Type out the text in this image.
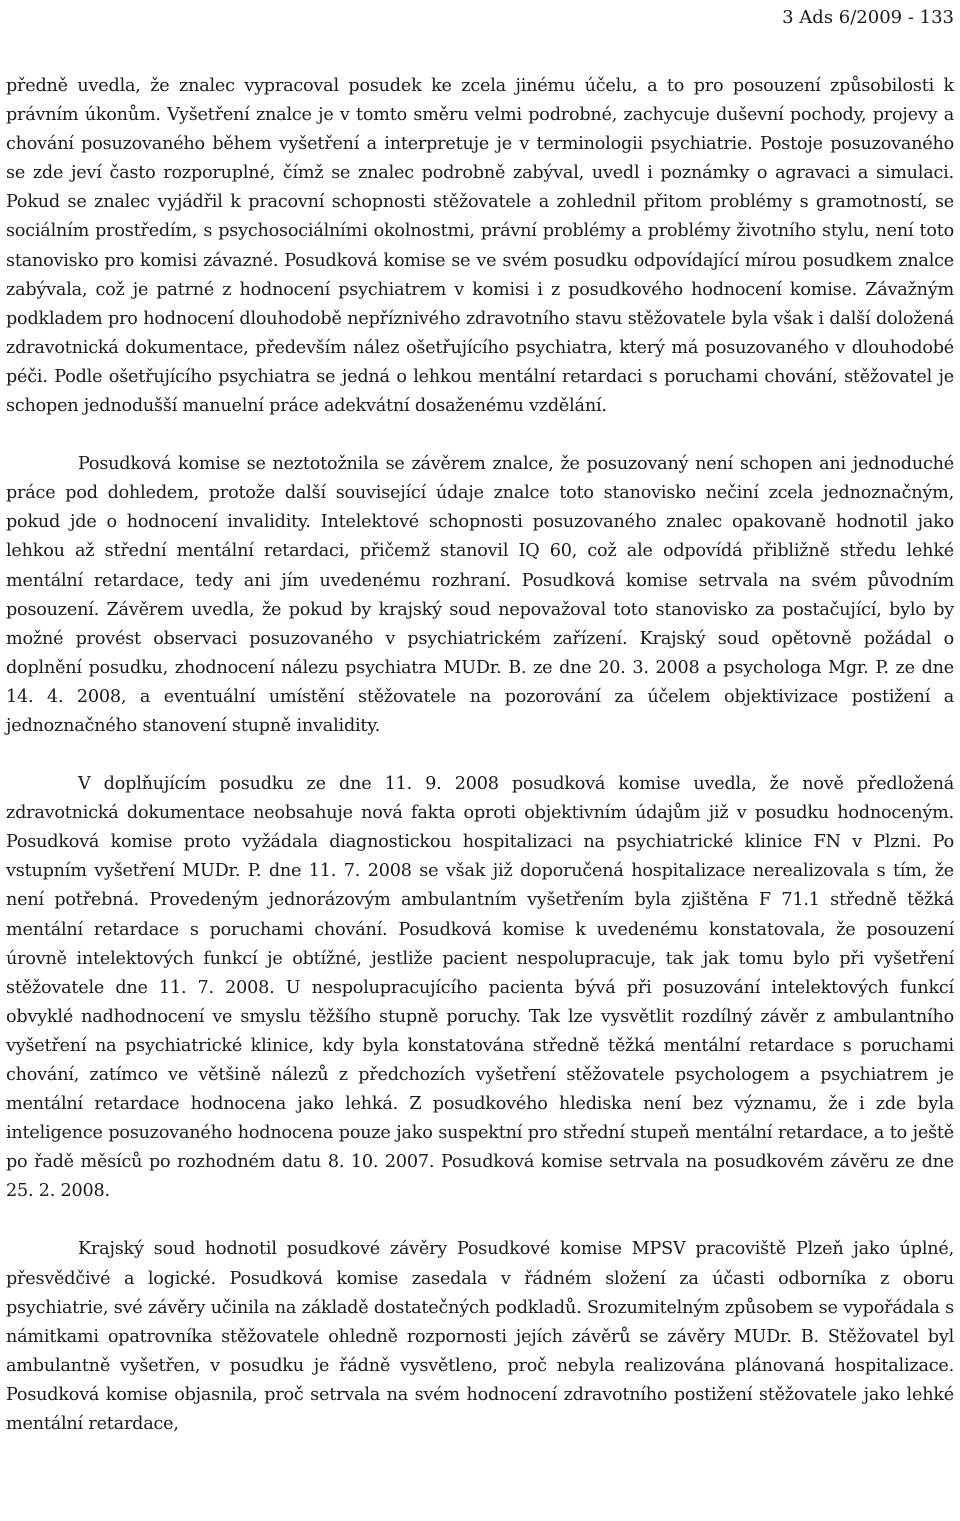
3 Ads 6/2009 - 133

předně uvedla, že znalec vypracoval posudek ke zcela jinému účelu, a to pro posouzení způsobilosti k právním úkonům. Vyšetření znalce je v tomto směru velmi podrobné, zachycuje duševní pochody, projevy a chování posuzovaného během vyšetření a interpretuje je v terminologii psychiatrie. Postoje posuzovaného se zde jeví často rozporuplné, čímž se znalec podrobně zabýval, uvedl i poznámky o agravaci a simulaci. Pokud se znalec vyjádřil k pracovní schopnosti stěžovatele a zohlednil přitom problémy s gramotností, se sociálním prostředím, s psychosociálními okolnostmi, právní problémy a problémy životního stylu, není toto stanovisko pro komisi závazné. Posudková komise se ve svém posudku odpovídající mírou posudkem znalce zabývala, což je patrné z hodnocení psychiatrem v komisi i z posudkového hodnocení komise. Závažným podkladem pro hodnocení dlouhodobě nepříznivého zdravotního stavu stěžovatele byla však i další doložená zdravotnická dokumentace, především nález ošetřujícího psychiatra, který má posuzovaného v dlouhodobé péči. Podle ošetřujícího psychiatra se jedná o lehkou mentální retardaci s poruchami chování, stěžovatel je schopen jednodušší manuelní práce adekvátní dosaženému vzdělání.

Posudková komise se neztotožnila se závěrem znalce, že posuzovaný není schopen ani jednoduché práce pod dohledem, protože další související údaje znalce toto stanovisko nečiní zcela jednoznačným, pokud jde o hodnocení invalidity. Intelektové schopnosti posuzovaného znalec opakovaně hodnotil jako lehkou až střední mentální retardaci, přičemž stanovil IQ 60, což ale odpovídá přibližně středu lehké mentální retardace, tedy ani jím uvedenému rozhraní. Posudková komise setrvala na svém původním posouzení. Závěrem uvedla, že pokud by krajský soud nepovažoval toto stanovisko za postačující, bylo by možné provést observaci posuzovaného v psychiatrickém zařízení. Krajský soud opětovně požádal o doplnění posudku, zhodnocení nálezu psychiatra MUDr. B. ze dne 20. 3. 2008 a psychologa Mgr. P. ze dne 14. 4. 2008, a eventuální umístění stěžovatele na pozorování za účelem objektivizace postižení a jednoznačného stanovení stupně invalidity.

V doplňujícím posudku ze dne 11. 9. 2008 posudková komise uvedla, že nově předložená zdravotnická dokumentace neobsahuje nová fakta oproti objektivním údajům již v posudku hodnoceným. Posudková komise proto vyžádala diagnostickou hospitalizaci na psychiatrické klinice FN v Plzni. Po vstupním vyšetření MUDr. P. dne 11. 7. 2008 se však již doporučená hospitalizace nerealizovala s tím, že není potřebná. Provedeným jednorázovým ambulantním vyšetřením byla zjištěna F 71.1 středně těžká mentální retardace s poruchami chování. Posudková komise k uvedenému konstatovala, že posouzení úrovně intelektových funkcí je obtížné, jestliže pacient nespolupracuje, tak jak tomu bylo při vyšetření stěžovatele dne 11. 7. 2008. U nespolupracujícího pacienta bývá při posuzování intelektových funkcí obvyklé nadhodnocení ve smyslu těžšího stupně poruchy. Tak lze vysvětlit rozdílný závěr z ambulantního vyšetření na psychiatrické klinice, kdy byla konstatována středně těžká mentální retardace s poruchami chování, zatímco ve většině nálezů z předchozích vyšetření stěžovatele psychologem a psychiatrem je mentální retardace hodnocena jako lehká. Z posudkového hlediska není bez významu, že i zde byla inteligence posuzovaného hodnocena pouze jako suspektní pro střední stupeň mentální retardace, a to ještě po řadě měsíců po rozhodném datu 8. 10. 2007. Posudková komise setrvala na posudkovém závěru ze dne 25. 2. 2008.

Krajský soud hodnotil posudkové závěry Posudkové komise MPSV pracoviště Plzeň jako úplné, přesvědčivé a logické. Posudková komise zasedala v řádném složení za účasti odborníka z oboru psychiatrie, své závěry učinila na základě dostatečných podkladů. Srozumitelným způsobem se vypořádala s námitkami opatrovníka stěžovatele ohledně rozpornosti jejích závěrů se závěry MUDr. B. Stěžovatel byl ambulantně vyšetřen, v posudku je řádně vysvětleno, proč nebyla realizována plánovaná hospitalizace. Posudková komise objasnila, proč setrvala na svém hodnocení zdravotního postižení stěžovatele jako lehké mentální retardace,
